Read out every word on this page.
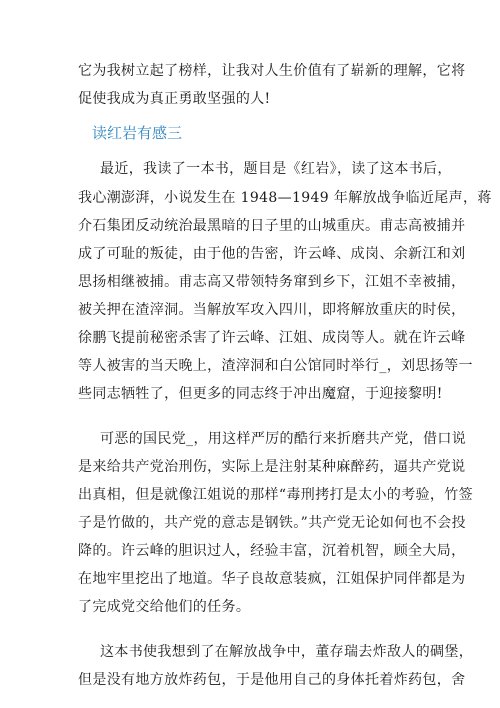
它为我树立起了榜样，让我对人生价值有了崭新的理解，它将
促使我成为真正勇敢坚强的人!
读红岩有感三
最近，我读了一本书，题目是《红岩》，读了这本书后，
我心潮澎湃，小说发生在 1948—1949 年解放战争临近尾声，蒋
介石集团反动统治最黑暗的日子里的山城重庆。甫志高被捕并
成了可耻的叛徒，由于他的告密，许云峰、成岗、余新江和刘
思扬相继被捕。甫志高又带领特务窜到乡下，江姐不幸被捕，
被关押在渣滓洞。当解放军攻入四川，即将解放重庆的时侯，
徐鹏飞提前秘密杀害了许云峰、江姐、成岗等人。就在许云峰
等人被害的当天晚上，渣滓洞和白公馆同时举行_，刘思扬等一
些同志牺牲了，但更多的同志终于冲出魔窟，于迎接黎明!
可恶的国民党_，用这样严厉的酷行来折磨共产党，借口说
是来给共产党治刑伤，实际上是注射某种麻醉药，逼共产党说
出真相，但是就像江姐说的那样“毒刑拷打是太小的考验，竹签
子是竹做的，共产党的意志是钢铁。”共产党无论如何也不会投
降的。许云峰的胆识过人，经验丰富，沉着机智，顾全大局，
在地牢里挖出了地道。华子良故意装疯，江姐保护同伴都是为
了完成党交给他们的任务。
这本书使我想到了在解放战争中，董存瑞去炸敌人的碉堡，
但是没有地方放炸药包，于是他用自己的身体托着炸药包，舍
